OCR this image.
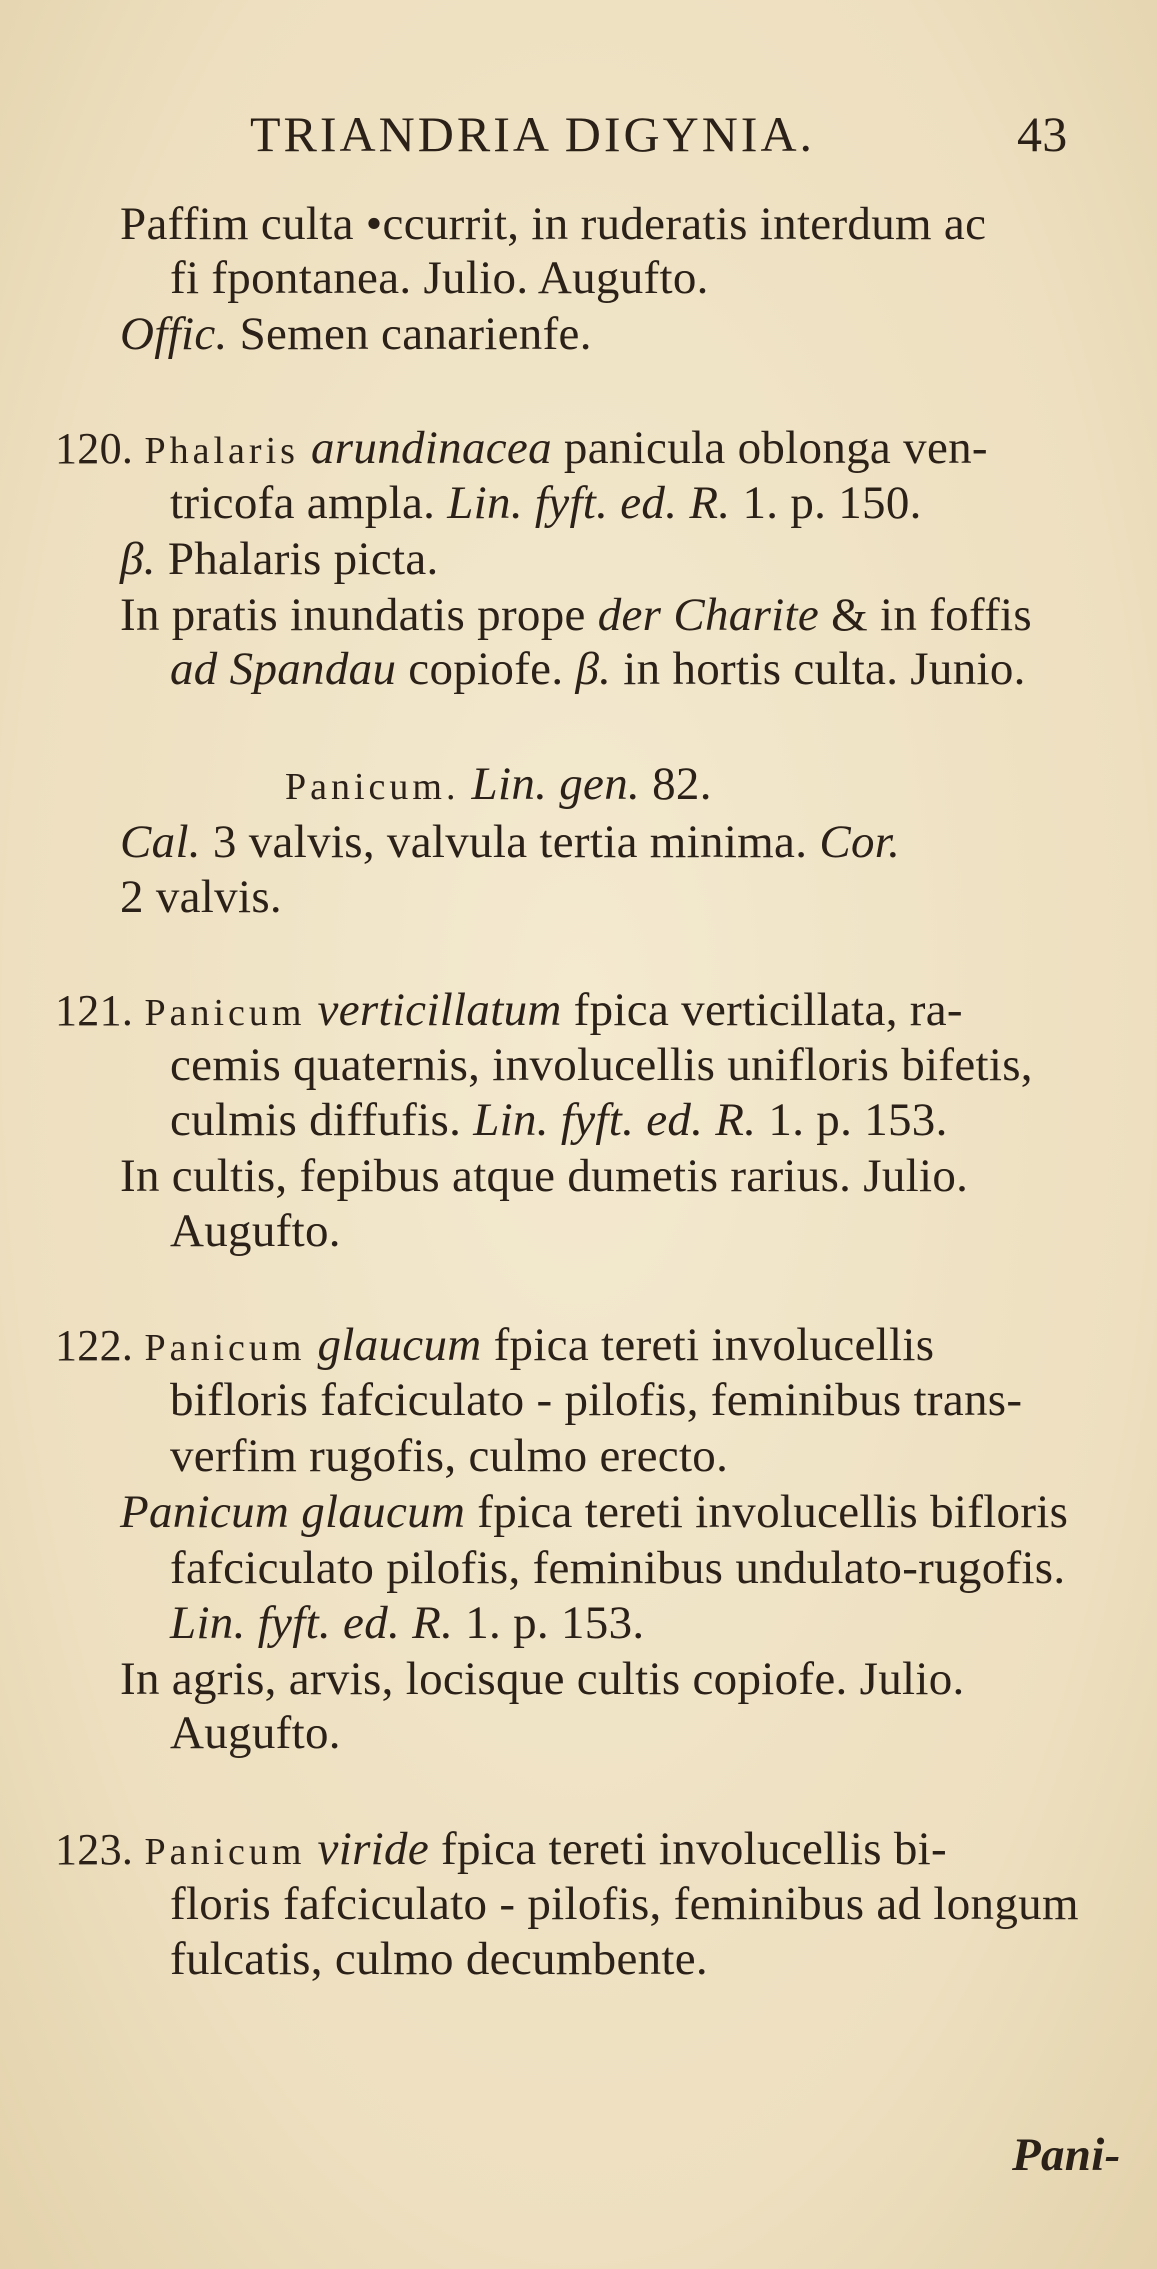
TRIANDRIA DIGYNIA.	43
Paffim culta •ccurrit, in ruderatis interdum ac
fi fpontanea. Julio. Augufto.
Offic. Semen canarienfe.
120. Phalaris arundinacea panicula oblonga ven-
tricofa ampla. Lin. fyft. ed. R. 1. p. 150.
β. Phalaris picta.
In pratis inundatis prope der Charite & in foffis
ad Spandau copiofe. β. in hortis culta. Junio.
Panicum. Lin. gen. 82.
Cal. 3 valvis, valvula tertia minima. Cor.
2 valvis.
121. Panicum verticillatum fpica verticillata, ra-
cemis quaternis, involucellis unifloris bifetis,
culmis diffufis. Lin. fyft. ed. R. 1. p. 153.
In cultis, fepibus atque dumetis rarius. Julio.
Augufto.
122. Panicum glaucum fpica tereti involucellis
bifloris fafciculato - pilofis, feminibus trans-
verfim rugofis, culmo erecto.
Panicum glaucum fpica tereti involucellis bifloris
fafciculato pilofis, feminibus undulato-rugofis.
Lin. fyft. ed. R. 1. p. 153.
In agris, arvis, locisque cultis copiofe. Julio.
Augufto.
123. Panicum viride fpica tereti involucellis bi-
floris fafciculato - pilofis, feminibus ad longum
fulcatis, culmo decumbente.
Pani-
